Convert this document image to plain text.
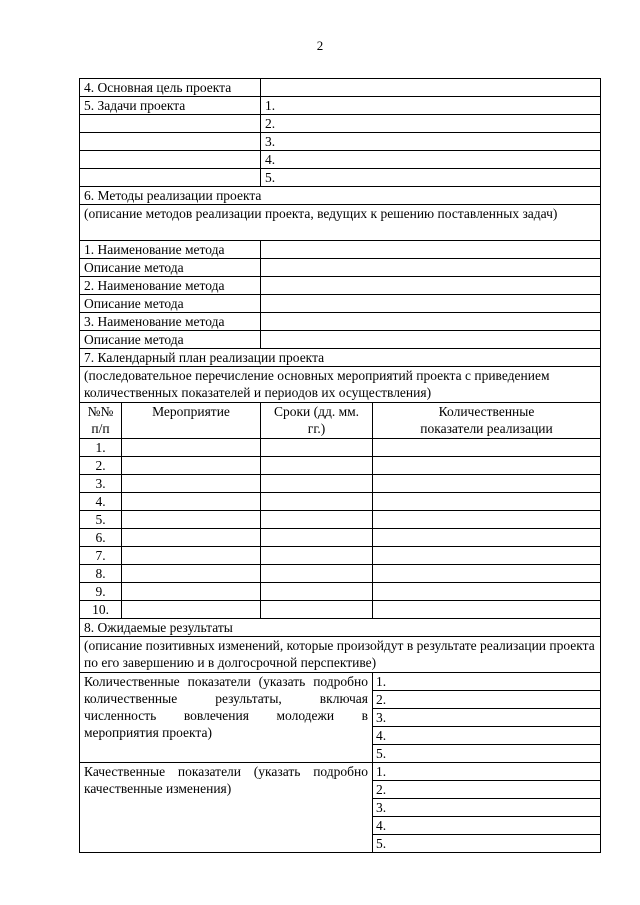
2
4. Основная цель проекта			
5. Задачи проекта		1.	
		2.	
		3.	
		4.	
		5.	
6. Методы реализации проекта			
(описание методов реализации проекта, ведущих к решению поставленных задач)			
1. Наименование метода			
Описание метода			
2. Наименование метода			
Описание метода			
3. Наименование метода			
Описание метода			
7. Календарный план реализации проекта			
(последовательное перечисление основных мероприятий проекта с приведением количественных показателей и периодов их осуществления)			
№№ п/п	Мероприятие	Сроки (дд. мм. гг.)	Количественные показатели реализации
1.			
2.			
3.			
4.			
5.			
6.			
7.			
8.			
9.			
10.			
8. Ожидаемые результаты			
(описание позитивных изменений, которые произойдут в результате реализации проекта по его завершению и в долгосрочной перспективе)			
Количественные показатели (указать подробно количественные результаты, включая численность вовлечения молодежи в мероприятия проекта)			1.
			2.
			3.
			4.
			5.
Качественные показатели (указать подробно качественные изменения)			1.
			2.
			3.
			4.
			5.
